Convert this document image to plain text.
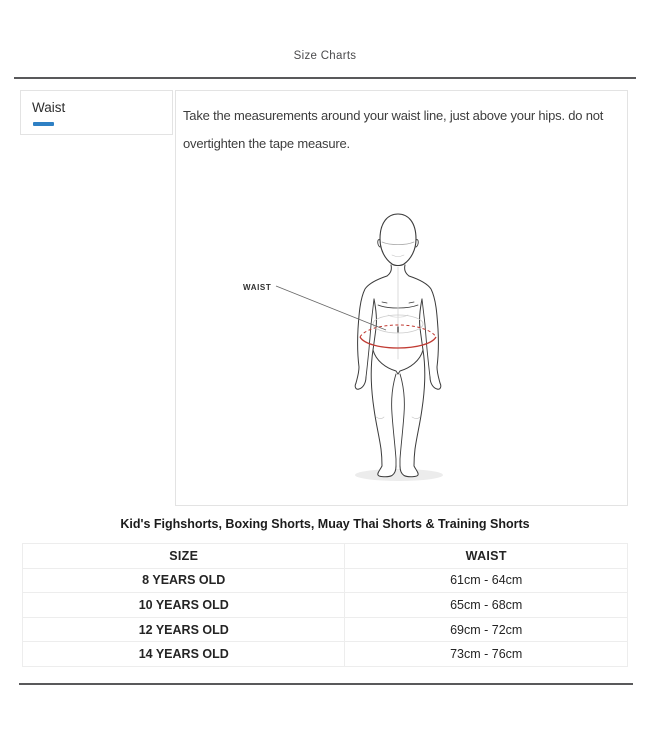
Size Charts
Waist
Take the measurements around your waist line, just above your hips. do not overtighten the tape measure.
WAIST
Kid's Fighshorts, Boxing Shorts, Muay Thai Shorts & Training Shorts
SIZE	WAIST
8 YEARS OLD	61cm - 64cm
10 YEARS OLD	65cm - 68cm
12 YEARS OLD	69cm - 72cm
14 YEARS OLD	73cm - 76cm
